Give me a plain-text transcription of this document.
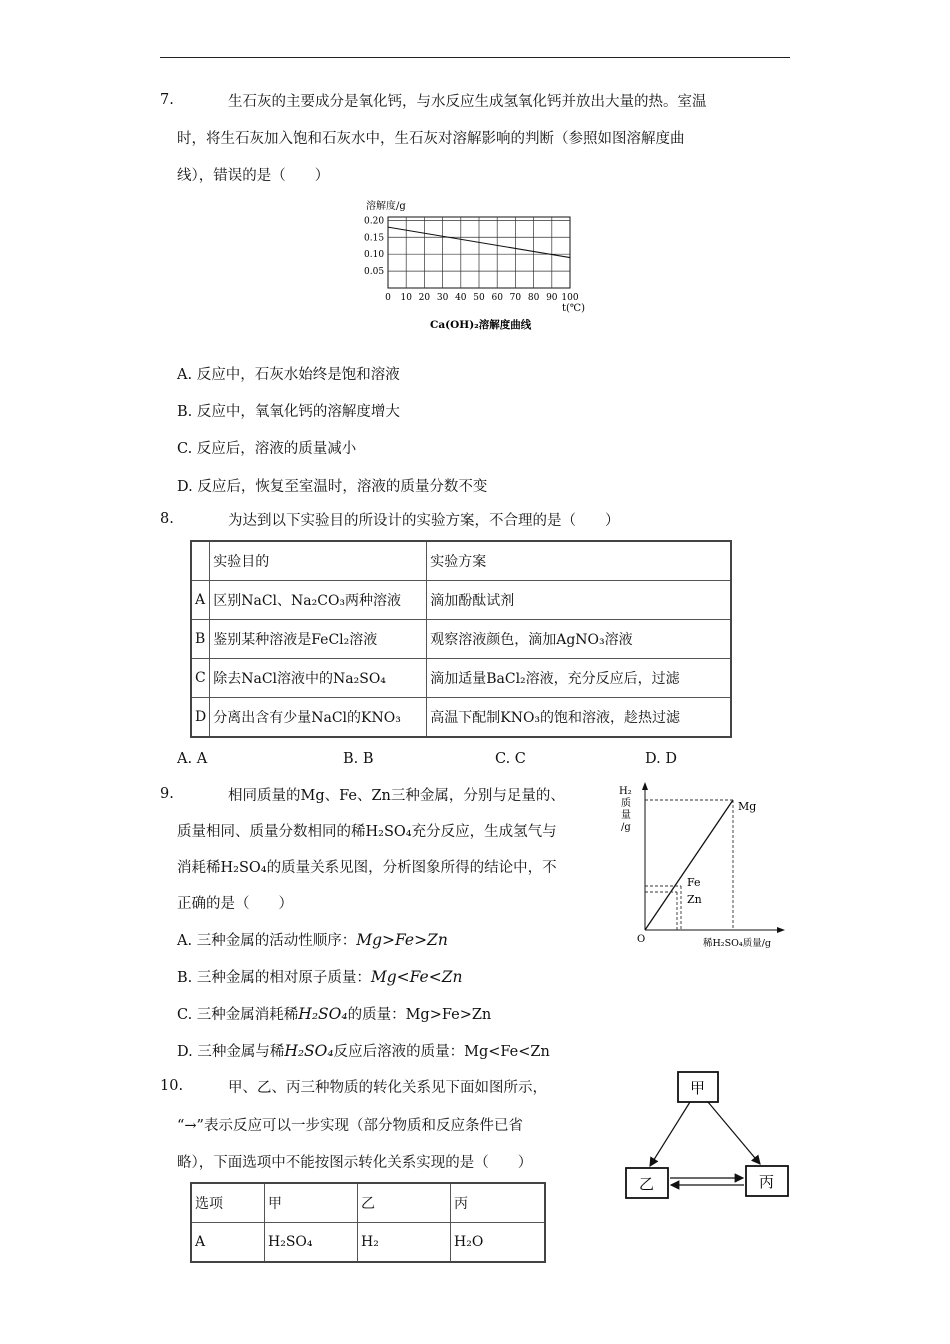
7.	生石灰的主要成分是氧化钙，与水反应生成氢氧化钙并放出大量的热。室温
时，将生石灰加入饱和石灰水中，生石灰对溶解影响的判断（参照如图溶解度曲
线），错误的是（　　）
溶解度/g
0.20
0.15
0.10
0.05
0 10 20 30 40 50 60 70 80 90 100
t(℃)
Ca(OH)₂溶解度曲线
A. 反应中，石灰水始终是饱和溶液
B. 反应中，氧氧化钙的溶解度增大
C. 反应后，溶液的质量减小
D. 反应后，恢复至室温时，溶液的质量分数不变
8.	为达到以下实验目的所设计的实验方案，不合理的是（　　）
	实验目的	实验方案
A	区别NaCl、Na₂CO₃两种溶液	滴加酚酞试剂
B	鉴别某种溶液是FeCl₂溶液	观察溶液颜色，滴加AgNO₃溶液
C	除去NaCl溶液中的Na₂SO₄	滴加适量BaCl₂溶液，充分反应后，过滤
D	分离出含有少量NaCl的KNO₃	高温下配制KNO₃的饱和溶液，趁热过滤
A. A	B. B	C. C	D. D
9.	相同质量的Mg、Fe、Zn三种金属，分别与足量的、
质量相同、质量分数相同的稀H₂SO₄充分反应，生成氢气与
消耗稀H₂SO₄的质量关系见图，分析图象所得的结论中，不
正确的是（　　）
A. 三种金属的活动性顺序：Mg>Fe>Zn
B. 三种金属的相对原子质量：Mg<Fe<Zn
C. 三种金属消耗稀H₂SO₄的质量：Mg>Fe>Zn
D. 三种金属与稀H₂SO₄反应后溶液的质量：Mg<Fe<Zn
H₂
质
量
/g
Mg
Fe
Zn
O	稀H₂SO₄质量/g
10.	甲、乙、丙三种物质的转化关系见下面如图所示，
“→”表示反应可以一步实现（部分物质和反应条件已省
略），下面选项中不能按图示转化关系实现的是（　　）
选项	甲	乙	丙
A	H₂SO₄	H₂	H₂O
甲
乙	丙
